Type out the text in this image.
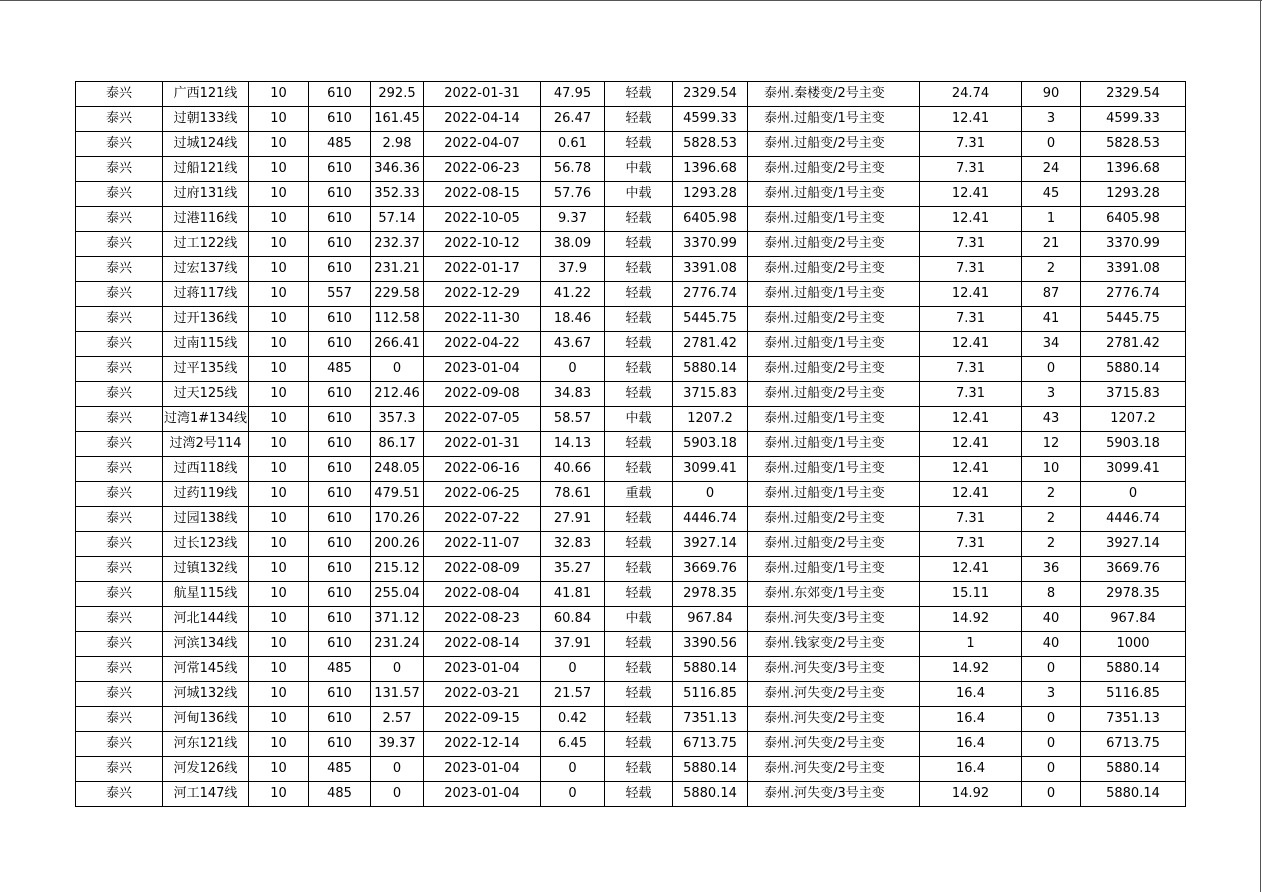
泰兴	广西121线	10	610	292.5	2022-01-31	47.95	轻载	2329.54	泰州.秦楼变/2号主变	24.74	90	2329.54
泰兴	过朝133线	10	610	161.45	2022-04-14	26.47	轻载	4599.33	泰州.过船变/1号主变	12.41	3	4599.33
泰兴	过城124线	10	485	2.98	2022-04-07	0.61	轻载	5828.53	泰州.过船变/2号主变	7.31	0	5828.53
泰兴	过船121线	10	610	346.36	2022-06-23	56.78	中载	1396.68	泰州.过船变/2号主变	7.31	24	1396.68
泰兴	过府131线	10	610	352.33	2022-08-15	57.76	中载	1293.28	泰州.过船变/1号主变	12.41	45	1293.28
泰兴	过港116线	10	610	57.14	2022-10-05	9.37	轻载	6405.98	泰州.过船变/1号主变	12.41	1	6405.98
泰兴	过工122线	10	610	232.37	2022-10-12	38.09	轻载	3370.99	泰州.过船变/2号主变	7.31	21	3370.99
泰兴	过宏137线	10	610	231.21	2022-01-17	37.9	轻载	3391.08	泰州.过船变/2号主变	7.31	2	3391.08
泰兴	过蒋117线	10	557	229.58	2022-12-29	41.22	轻载	2776.74	泰州.过船变/1号主变	12.41	87	2776.74
泰兴	过开136线	10	610	112.58	2022-11-30	18.46	轻载	5445.75	泰州.过船变/2号主变	7.31	41	5445.75
泰兴	过南115线	10	610	266.41	2022-04-22	43.67	轻载	2781.42	泰州.过船变/1号主变	12.41	34	2781.42
泰兴	过平135线	10	485	0	2023-01-04	0	轻载	5880.14	泰州.过船变/2号主变	7.31	0	5880.14
泰兴	过天125线	10	610	212.46	2022-09-08	34.83	轻载	3715.83	泰州.过船变/2号主变	7.31	3	3715.83
泰兴	过湾1#134线	10	610	357.3	2022-07-05	58.57	中载	1207.2	泰州.过船变/1号主变	12.41	43	1207.2
泰兴	过湾2号114	10	610	86.17	2022-01-31	14.13	轻载	5903.18	泰州.过船变/1号主变	12.41	12	5903.18
泰兴	过西118线	10	610	248.05	2022-06-16	40.66	轻载	3099.41	泰州.过船变/1号主变	12.41	10	3099.41
泰兴	过药119线	10	610	479.51	2022-06-25	78.61	重载	0	泰州.过船变/1号主变	12.41	2	0
泰兴	过园138线	10	610	170.26	2022-07-22	27.91	轻载	4446.74	泰州.过船变/2号主变	7.31	2	4446.74
泰兴	过长123线	10	610	200.26	2022-11-07	32.83	轻载	3927.14	泰州.过船变/2号主变	7.31	2	3927.14
泰兴	过镇132线	10	610	215.12	2022-08-09	35.27	轻载	3669.76	泰州.过船变/1号主变	12.41	36	3669.76
泰兴	航星115线	10	610	255.04	2022-08-04	41.81	轻载	2978.35	泰州.东郊变/1号主变	15.11	8	2978.35
泰兴	河北144线	10	610	371.12	2022-08-23	60.84	中载	967.84	泰州.河失变/3号主变	14.92	40	967.84
泰兴	河滨134线	10	610	231.24	2022-08-14	37.91	轻载	3390.56	泰州.钱家变/2号主变	1	40	1000
泰兴	河常145线	10	485	0	2023-01-04	0	轻载	5880.14	泰州.河失变/3号主变	14.92	0	5880.14
泰兴	河城132线	10	610	131.57	2022-03-21	21.57	轻载	5116.85	泰州.河失变/2号主变	16.4	3	5116.85
泰兴	河甸136线	10	610	2.57	2022-09-15	0.42	轻载	7351.13	泰州.河失变/2号主变	16.4	0	7351.13
泰兴	河东121线	10	610	39.37	2022-12-14	6.45	轻载	6713.75	泰州.河失变/2号主变	16.4	0	6713.75
泰兴	河发126线	10	485	0	2023-01-04	0	轻载	5880.14	泰州.河失变/2号主变	16.4	0	5880.14
泰兴	河工147线	10	485	0	2023-01-04	0	轻载	5880.14	泰州.河失变/3号主变	14.92	0	5880.14
